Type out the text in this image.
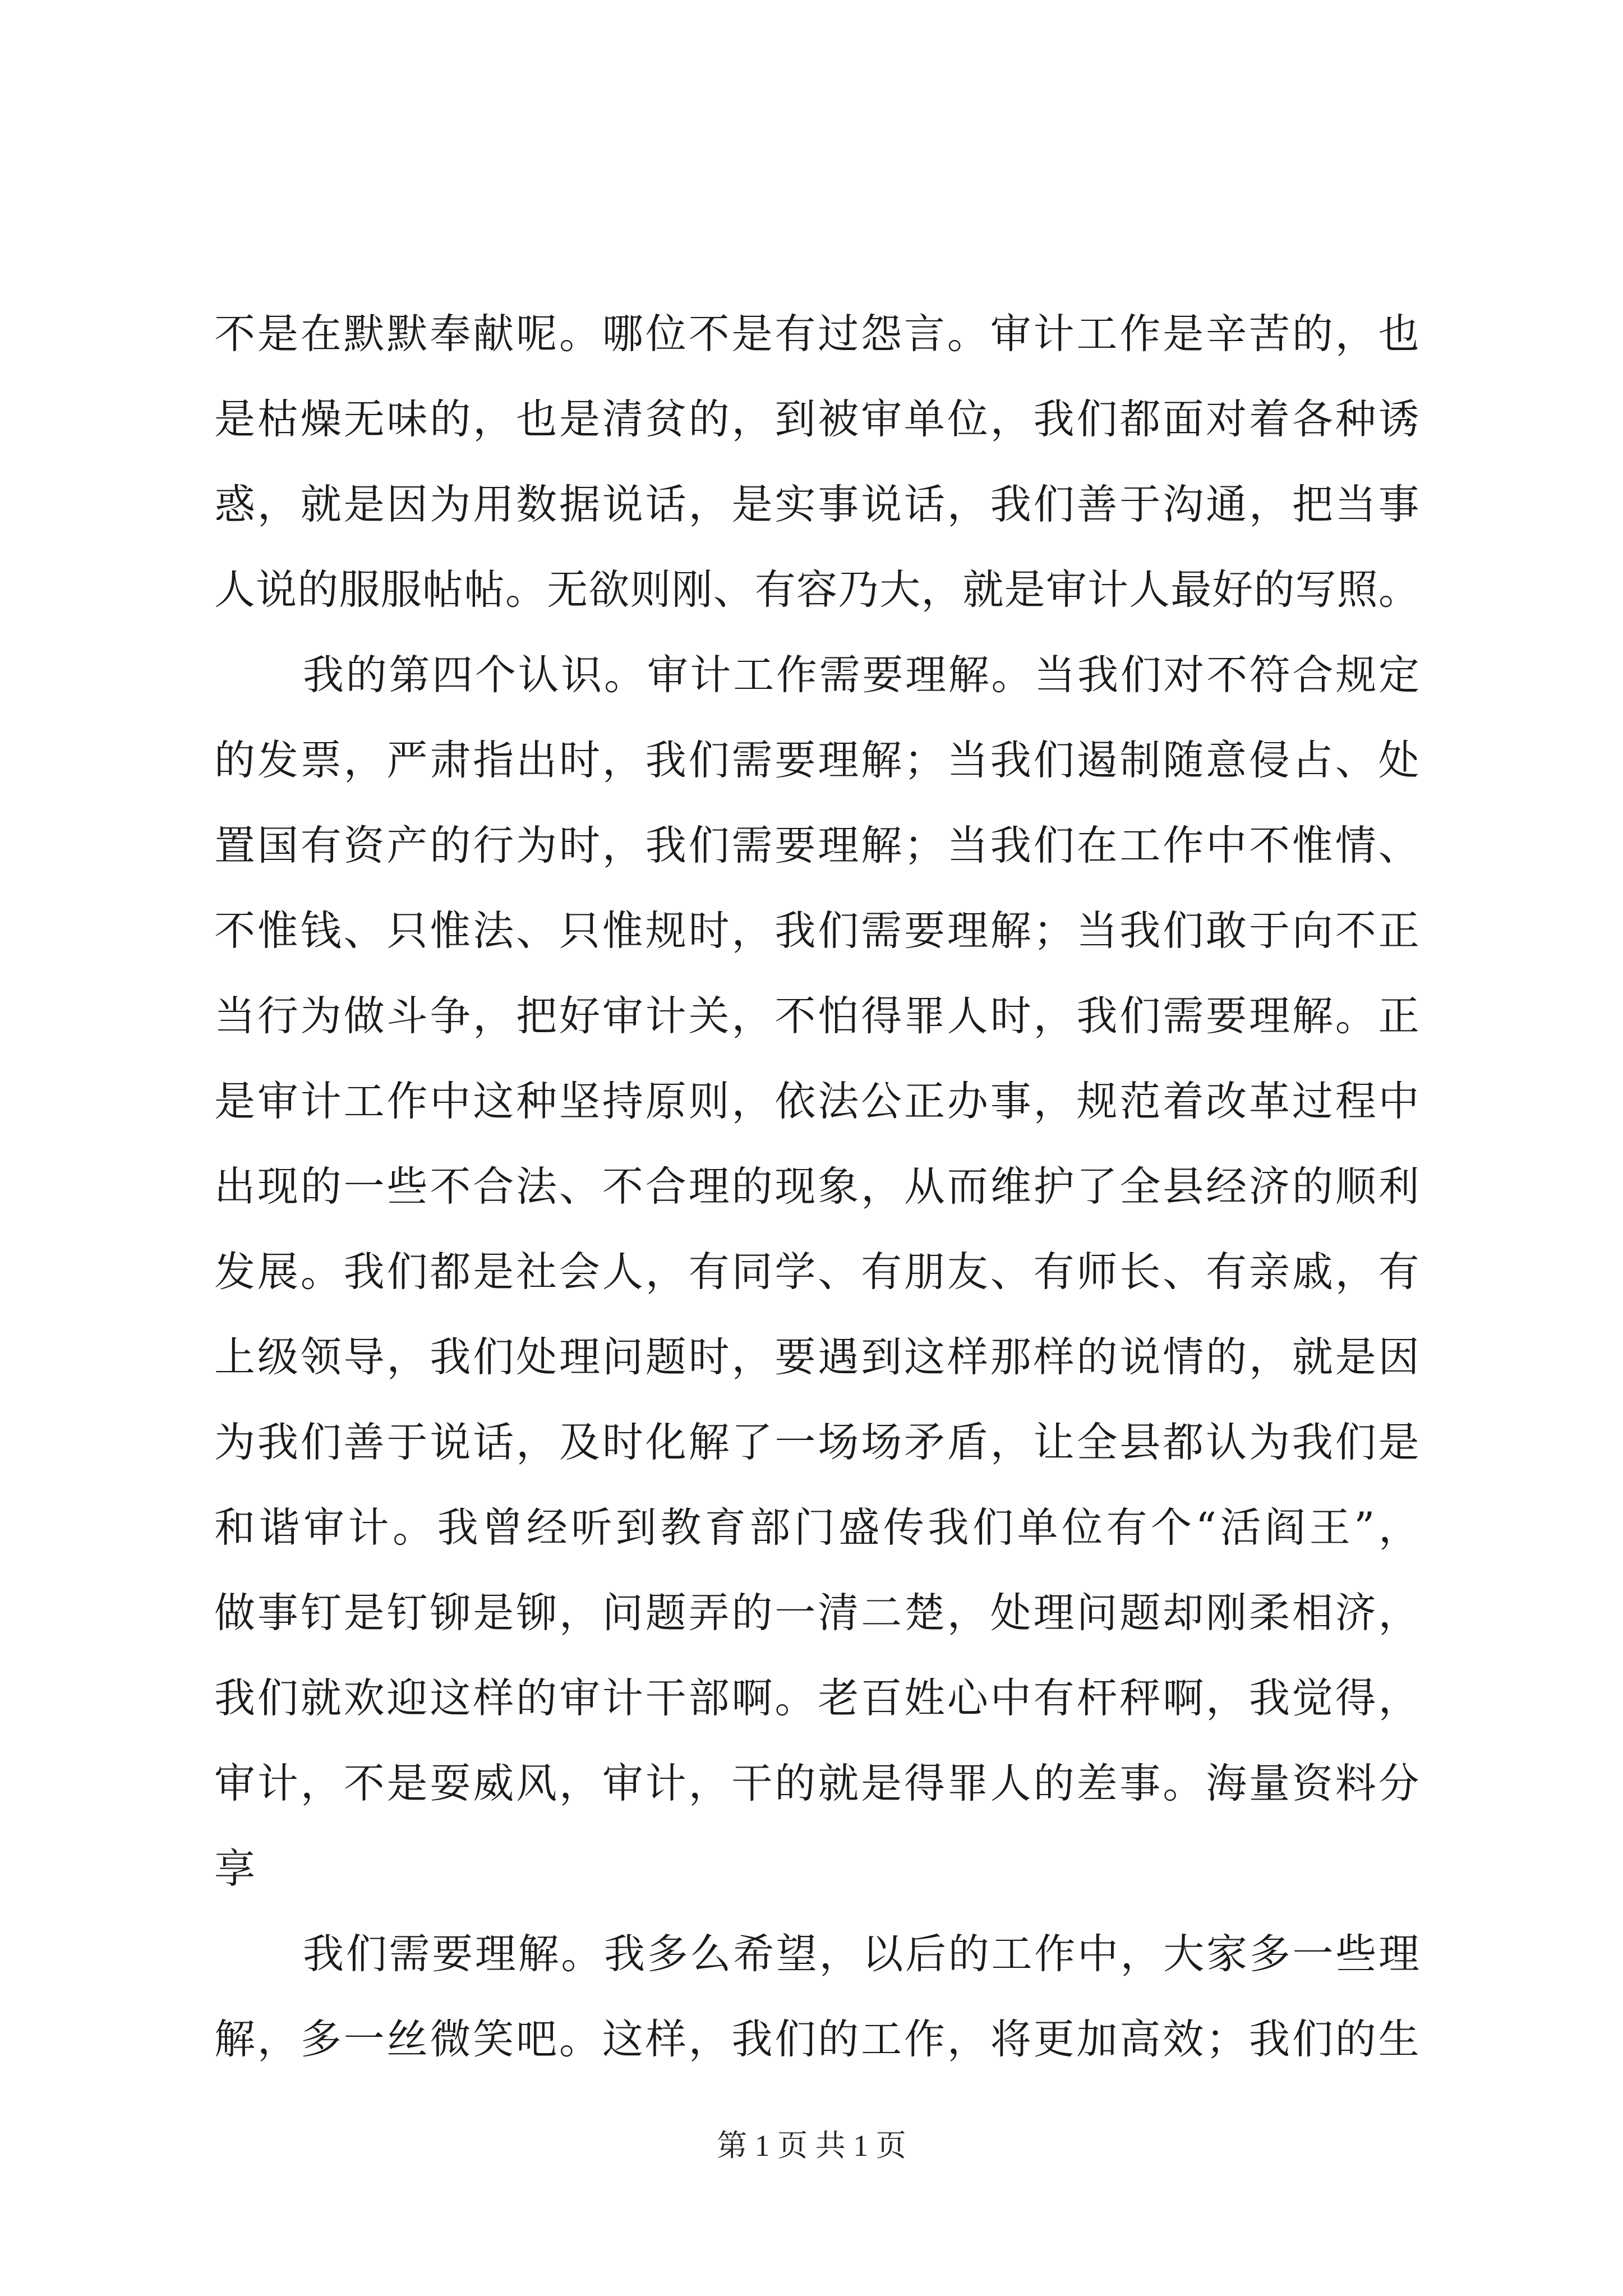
不 是 在 默 默 奉 献 呢 。 哪 位 不 是 有 过 怨 言 。 审 计 工 作 是 辛 苦 的 ， 也
是 枯 燥 无 味 的 ， 也 是 清 贫 的 ， 到 被 审 单 位 ， 我 们 都 面 对 着 各 种 诱
惑 ， 就 是 因 为 用 数 据 说 话 ， 是 实 事 说 话 ， 我 们 善 于 沟 通 ， 把 当 事
人 说 的 服 服 帖 帖 。 无 欲 则 刚 、 有 容 乃 大 ， 就 是 审 计 人 最 好 的 写 照 。
我 的 第 四 个 认 识 。 审 计 工 作 需 要 理 解 。 当 我 们 对 不 符 合 规 定
的 发 票 ， 严 肃 指 出 时 ， 我 们 需 要 理 解 ； 当 我 们 遏 制 随 意 侵 占 、 处
置 国 有 资 产 的 行 为 时 ， 我 们 需 要 理 解 ； 当 我 们 在 工 作 中 不 惟 情 、
不 惟 钱 、 只 惟 法 、 只 惟 规 时 ， 我 们 需 要 理 解 ； 当 我 们 敢 于 向 不 正
当 行 为 做 斗 争 ， 把 好 审 计 关 ， 不 怕 得 罪 人 时 ， 我 们 需 要 理 解 。 正
是 审 计 工 作 中 这 种 坚 持 原 则 ， 依 法 公 正 办 事 ， 规 范 着 改 革 过 程 中
出 现 的 一 些 不 合 法 、 不 合 理 的 现 象 ， 从 而 维 护 了 全 县 经 济 的 顺 利
发 展 。 我 们 都 是 社 会 人 ， 有 同 学 、 有 朋 友 、 有 师 长 、 有 亲 戚 ， 有
上 级 领 导 ， 我 们 处 理 问 题 时 ， 要 遇 到 这 样 那 样 的 说 情 的 ， 就 是 因
为 我 们 善 于 说 话 ， 及 时 化 解 了 一 场 场 矛 盾 ， 让 全 县 都 认 为 我 们 是
和 谐 审 计 。 我 曾 经 听 到 教 育 部 门 盛 传 我 们 单 位 有 个 “ 活 阎 王 ” ，
做 事 钉 是 钉 铆 是 铆 ， 问 题 弄 的 一 清 二 楚 ， 处 理 问 题 却 刚 柔 相 济 ，
我 们 就 欢 迎 这 样 的 审 计 干 部 啊 。 老 百 姓 心 中 有 杆 秤 啊 ， 我 觉 得 ，
审 计 ， 不 是 耍 威 风 ， 审 计 ， 干 的 就 是 得 罪 人 的 差 事 。 海 量 资 料 分
享
我 们 需 要 理 解 。 我 多 么 希 望 ， 以 后 的 工 作 中 ， 大 家 多 一 些 理
解 ， 多 一 丝 微 笑 吧 。 这 样 ， 我 们 的 工 作 ， 将 更 加 高 效 ； 我 们 的 生
第 1 页 共 1 页
